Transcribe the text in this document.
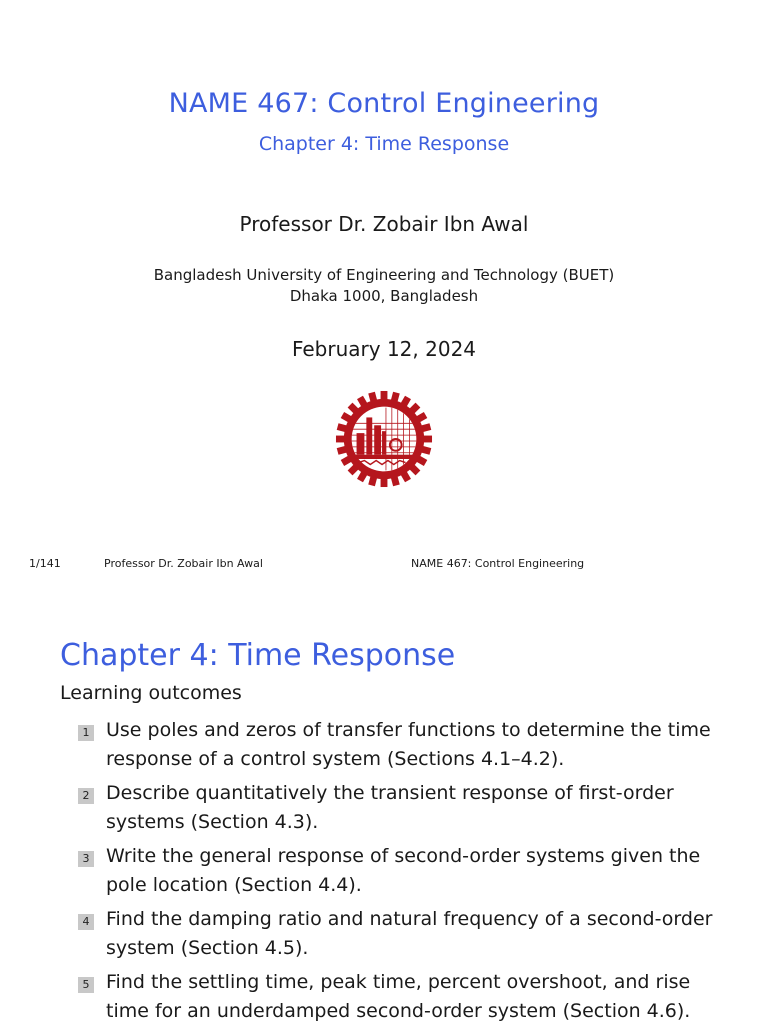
NAME 467: Control Engineering
Chapter 4: Time Response
Professor Dr. Zobair Ibn Awal
Bangladesh University of Engineering and Technology (BUET)
Dhaka 1000, Bangladesh
February 12, 2024
1/141	Professor Dr. Zobair Ibn Awal	NAME 467: Control Engineering
Chapter 4: Time Response
Learning outcomes
1 Use poles and zeros of transfer functions to determine the time response of a control system (Sections 4.1–4.2).
2 Describe quantitatively the transient response of first-order systems (Section 4.3).
3 Write the general response of second-order systems given the pole location (Section 4.4).
4 Find the damping ratio and natural frequency of a second-order system (Section 4.5).
5 Find the settling time, peak time, percent overshoot, and rise time for an underdamped second-order system (Section 4.6).
